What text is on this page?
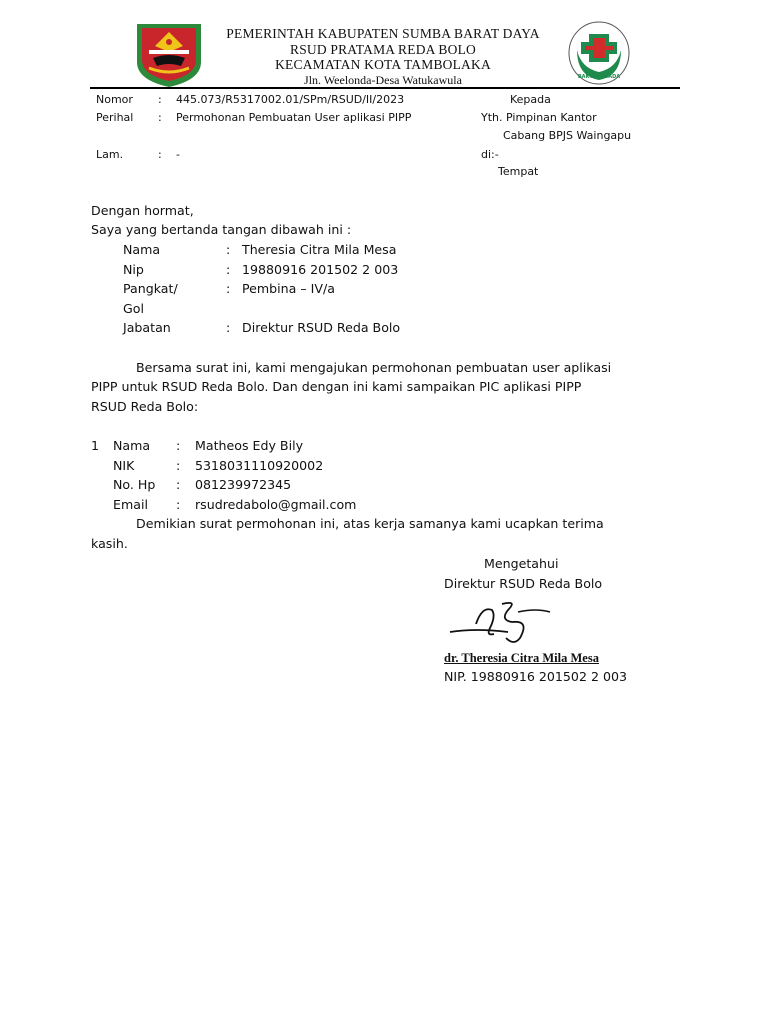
PEMERINTAH KABUPATEN SUMBA BARAT DAYA
RSUD PRATAMA REDA BOLO
KECAMATAN KOTA TAMBOLAKA
Jln. Weelonda-Desa Watukawula	BAKTI HUSADA
Nomor : 445.073/R5317002.01/SPm/RSUD/II/2023
Perihal : Permohonan Pembuatan User aplikasi PIPP
Lam.	: -
Kepada
Yth. Pimpinan Kantor
Cabang BPJS Waingapu
di:-
Tempat
Dengan hormat,
Saya yang bertanda tangan dibawah ini :
Nama	: Theresia Citra Mila Mesa
Nip	: 19880916 201502 2 003
Pangkat/	: Pembina – IV/a
Gol
Jabatan	: Direktur RSUD Reda Bolo
Bersama surat ini, kami mengajukan permohonan pembuatan user aplikasi
PIPP untuk RSUD Reda Bolo. Dan dengan ini kami sampaikan PIC aplikasi PIPP
RSUD Reda Bolo:
1 Nama : Matheos Edy Bily
NIK	: 5318031110920002
No. Hp : 081239972345
Email : rsudredabolo@gmail.com
Demikian surat permohonan ini, atas kerja samanya kami ucapkan terima
kasih.
Mengetahui
Direktur RSUD Reda Bolo
dr. Theresia Citra Mila Mesa
NIP. 19880916 201502 2 003
